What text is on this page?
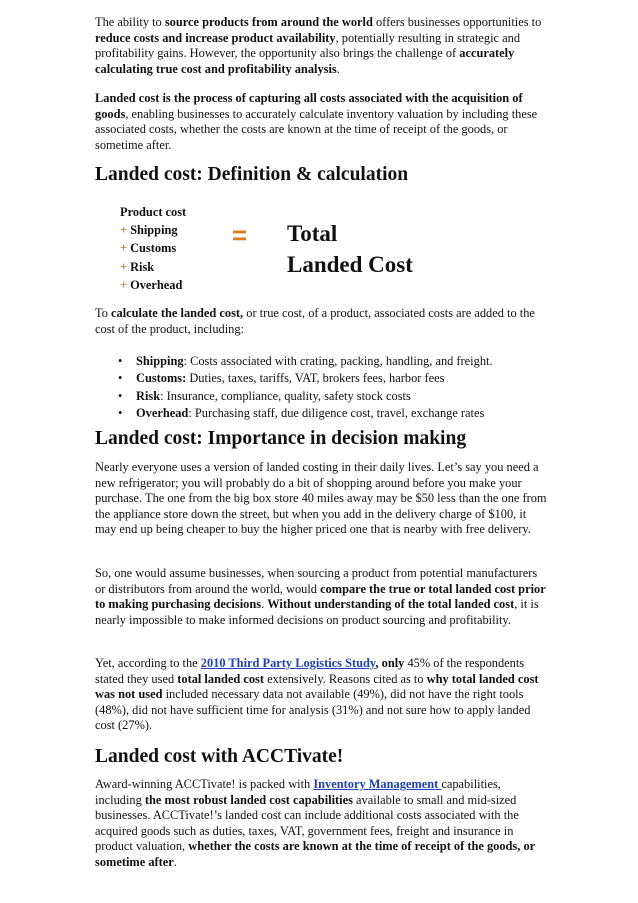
The ability to source products from around the world offers businesses opportunities to reduce costs and increase product availability, potentially resulting in strategic and profitability gains. However, the opportunity also brings the challenge of accurately calculating true cost and profitability analysis.

Landed cost is the process of capturing all costs associated with the acquisition of goods, enabling businesses to accurately calculate inventory valuation by including these associated costs, whether the costs are known at the time of receipt of the goods, or sometime after.

Landed cost: Definition & calculation
Product cost
+ Shipping
+ Customs
+ Risk
+ Overhead
= Total
Landed Cost

To calculate the landed cost, or true cost, of a product, associated costs are added to the cost of the product, including:

• Shipping: Costs associated with crating, packing, handling, and freight.
• Customs: Duties, taxes, tariffs, VAT, brokers fees, harbor fees
• Risk: Insurance, compliance, quality, safety stock costs
• Overhead: Purchasing staff, due diligence cost, travel, exchange rates
Landed cost: Importance in decision making

Nearly everyone uses a version of landed costing in their daily lives. Let’s say you need a new refrigerator; you will probably do a bit of shopping around before you make your purchase. The one from the big box store 40 miles away may be $50 less than the one from the appliance store down the street, but when you add in the delivery charge of $100, it may end up being cheaper to buy the higher priced one that is nearby with free delivery.

So, one would assume businesses, when sourcing a product from potential manufacturers or distributors from around the world, would compare the true or total landed cost prior to making purchasing decisions. Without understanding of the total landed cost, it is nearly impossible to make informed decisions on product sourcing and profitability.

Yet, according to the 2010 Third Party Logistics Study, only 45% of the respondents stated they used total landed cost extensively. Reasons cited as to why total landed cost was not used included necessary data not available (49%), did not have the right tools (48%), did not have sufficient time for analysis (31%) and not sure how to apply landed cost (27%).

Landed cost with ACCTivate!

Award-winning ACCTivate! is packed with Inventory Management capabilities, including the most robust landed cost capabilities available to small and mid-sized businesses. ACCTivate!’s landed cost can include additional costs associated with the acquired goods such as duties, taxes, VAT, government fees, freight and insurance in product valuation, whether the costs are known at the time of receipt of the goods, or sometime after.
